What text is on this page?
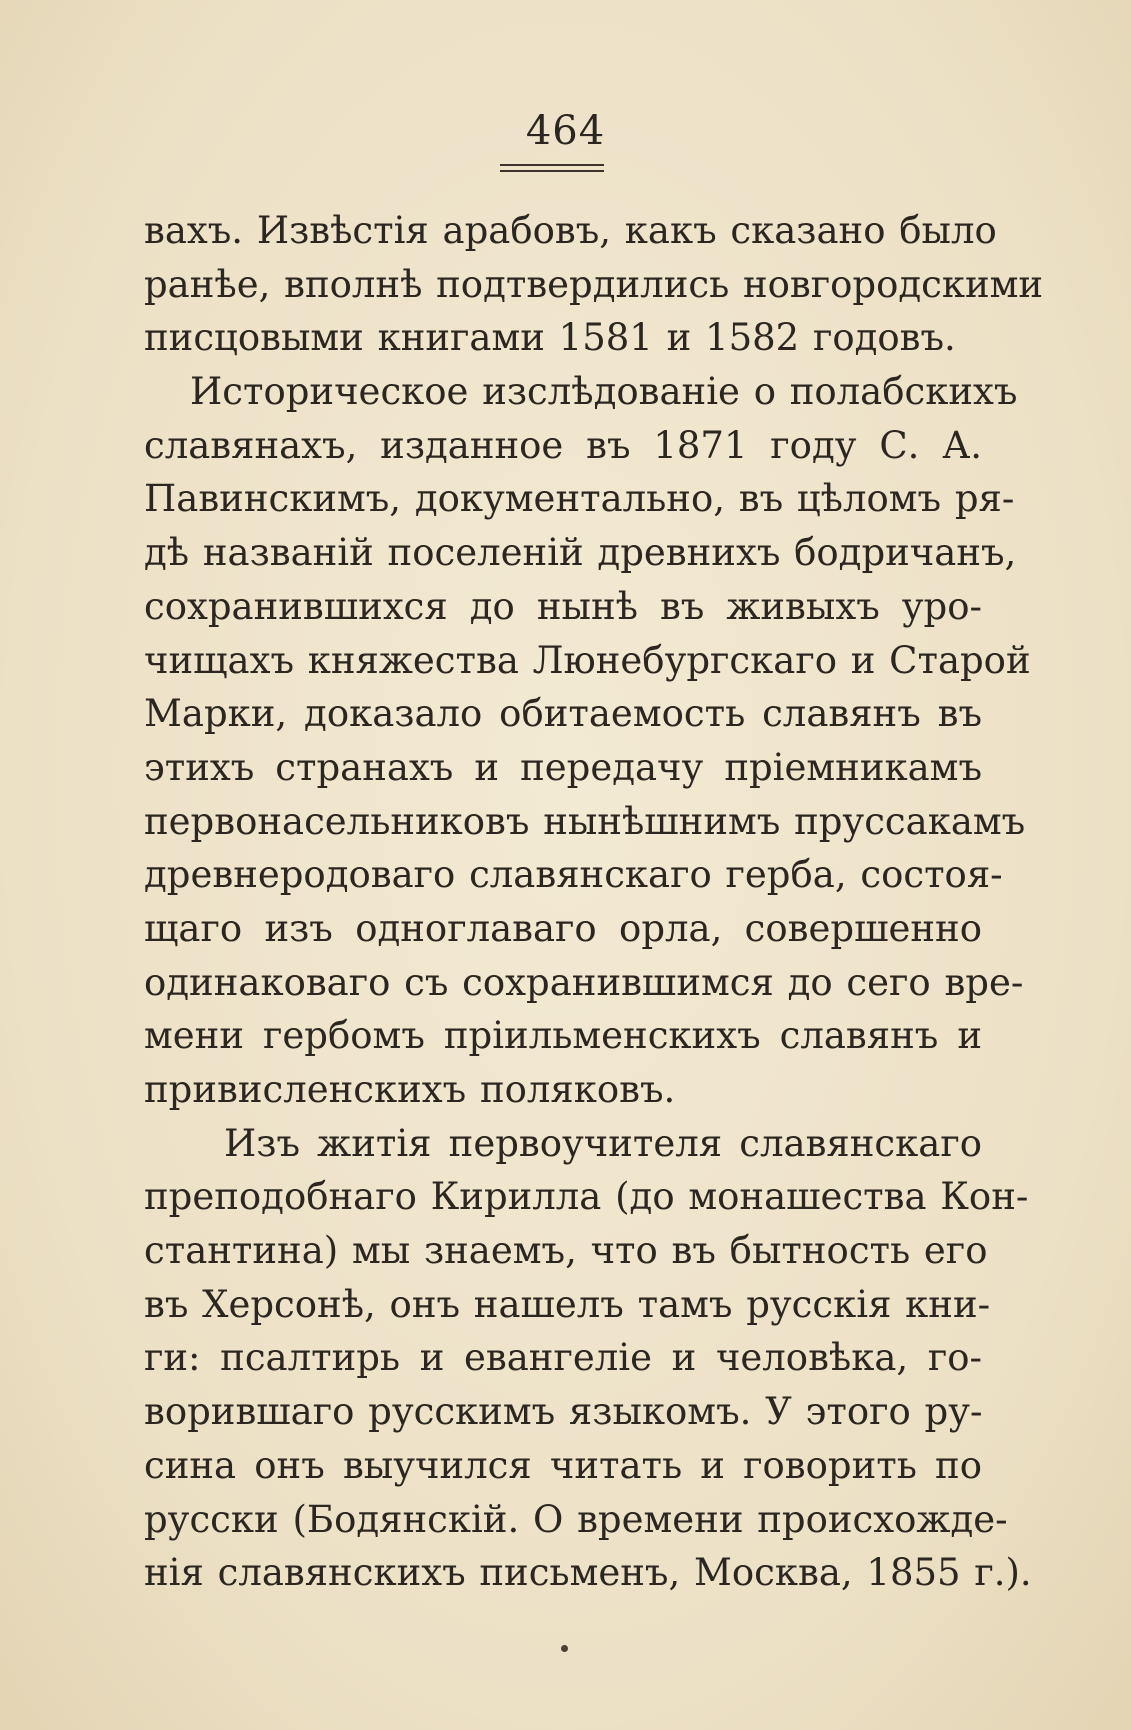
464
вахъ. Извѣстія арабовъ, какъ сказано было
ранѣе, вполнѣ подтвердились новгородскими
писцовыми книгами 1581 и 1582 годовъ.
Историческое изслѣдованіе о полабскихъ
славянахъ, изданное въ 1871 году С. А.
Павинскимъ, документально, въ цѣломъ ря-
дѣ названій поселеній древнихъ бодричанъ,
сохранившихся до нынѣ въ живыхъ уро-
чищахъ княжества Люнебургскаго и Старой
Марки, доказало обитаемость славянъ въ
этихъ странахъ и передачу пріемникамъ
первонасельниковъ нынѣшнимъ пруссакамъ
древнеродоваго славянскаго герба, состоя-
щаго изъ одноглаваго орла, совершенно
одинаковаго съ сохранившимся до сего вре-
мени гербомъ пріильменскихъ славянъ и
привисленскихъ поляковъ.
Изъ житія первоучителя славянскаго
преподобнаго Кирилла (до монашества Кон-
стантина) мы знаемъ, что въ бытность его
въ Херсонѣ, онъ нашелъ тамъ русскія кни-
ги: псалтирь и евангеліе и человѣка, го-
ворившаго русскимъ языкомъ. У этого ру-
сина онъ выучился читать и говорить по
русски (Бодянскій. О времени происхожде-
нія славянскихъ письменъ, Москва, 1855 г.).
